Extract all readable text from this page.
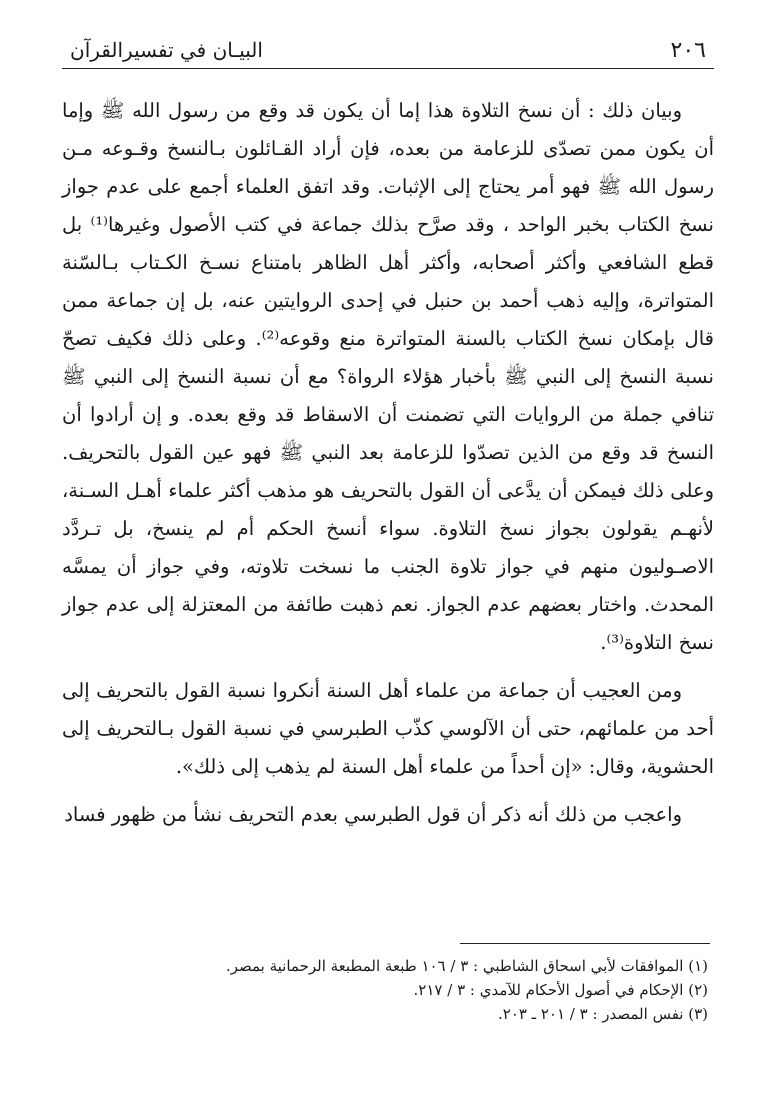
٢٠٦
البيـان في تفسيرالقرآن

وبيان ذلك : أن نسخ التلاوة هذا إما أن يكون قد وقع من رسول الله ﷺ وإما أن يكون ممن تصدّى للزعامة من بعده، فإن أراد القـائلون بـالنسخ وقـوعه مـن رسول الله ﷺ فهو أمر يحتاج إلى الإثبات. وقد اتفق العلماء أجمع على عدم جواز نسخ الكتاب بخبر الواحد ، وقد صرَّح بذلك جماعة في كتب الأصول وغيرها⁽¹⁾ بل قطع الشافعي وأكثر أصحابه، وأكثر أهل الظاهر بامتناع نسـخ الكـتاب بـالسّنة المتواترة، وإليه ذهب أحمد بن حنبل في إحدى الروايتين عنه، بل إن جماعة ممن قال بإمكان نسخ الكتاب بالسنة المتواترة منع وقوعه⁽²⁾. وعلى ذلك فكيف تصحّ نسبة النسخ إلى النبي ﷺ بأخبار هؤلاء الرواة؟ مع أن نسبة النسخ إلى النبي ﷺ تنافي جملة من الروايات التي تضمنت أن الاسقاط قد وقع بعده. و إن أرادوا أن النسخ قد وقع من الذين تصدّوا للزعامة بعد النبي ﷺ فهو عين القول بالتحريف. وعلى ذلك فيمكن أن يدَّعى أن القول بالتحريف هو مذهب أكثر علماء أهـل السـنة، لأنهـم يقولون بجواز نسخ التلاوة. سواء أنسخ الحكم أم لم ينسخ، بل تـردَّد الاصـوليون منهم في جواز تلاوة الجنب ما نسخت تلاوته، وفي جواز أن يمسَّه المحدث. واختار بعضهم عدم الجواز. نعم ذهبت طائفة من المعتزلة إلى عدم جواز نسخ التلاوة⁽³⁾.

ومن العجيب أن جماعة من علماء أهل السنة أنكروا نسبة القول بالتحريف إلى أحد من علمائهم، حتى أن الآلوسي كذّب الطبرسي في نسبة القول بـالتحريف إلى الحشوية، وقال: «إن أحداً من علماء أهل السنة لم يذهب إلى ذلك».

واعجب من ذلك أنه ذكر أن قول الطبرسي بعدم التحريف نشأ من ظهور فساد

(١) الموافقات لأبي اسحاق الشاطبي : ٣ / ١٠٦ طبعة المطبعة الرحمانية بمصر.
(٢) الإحكام في أصول الأحكام للآمدي : ٣ / ٢١٧.
(٣) نفس المصدر : ٣ / ٢٠١ ـ ٢٠٣.
